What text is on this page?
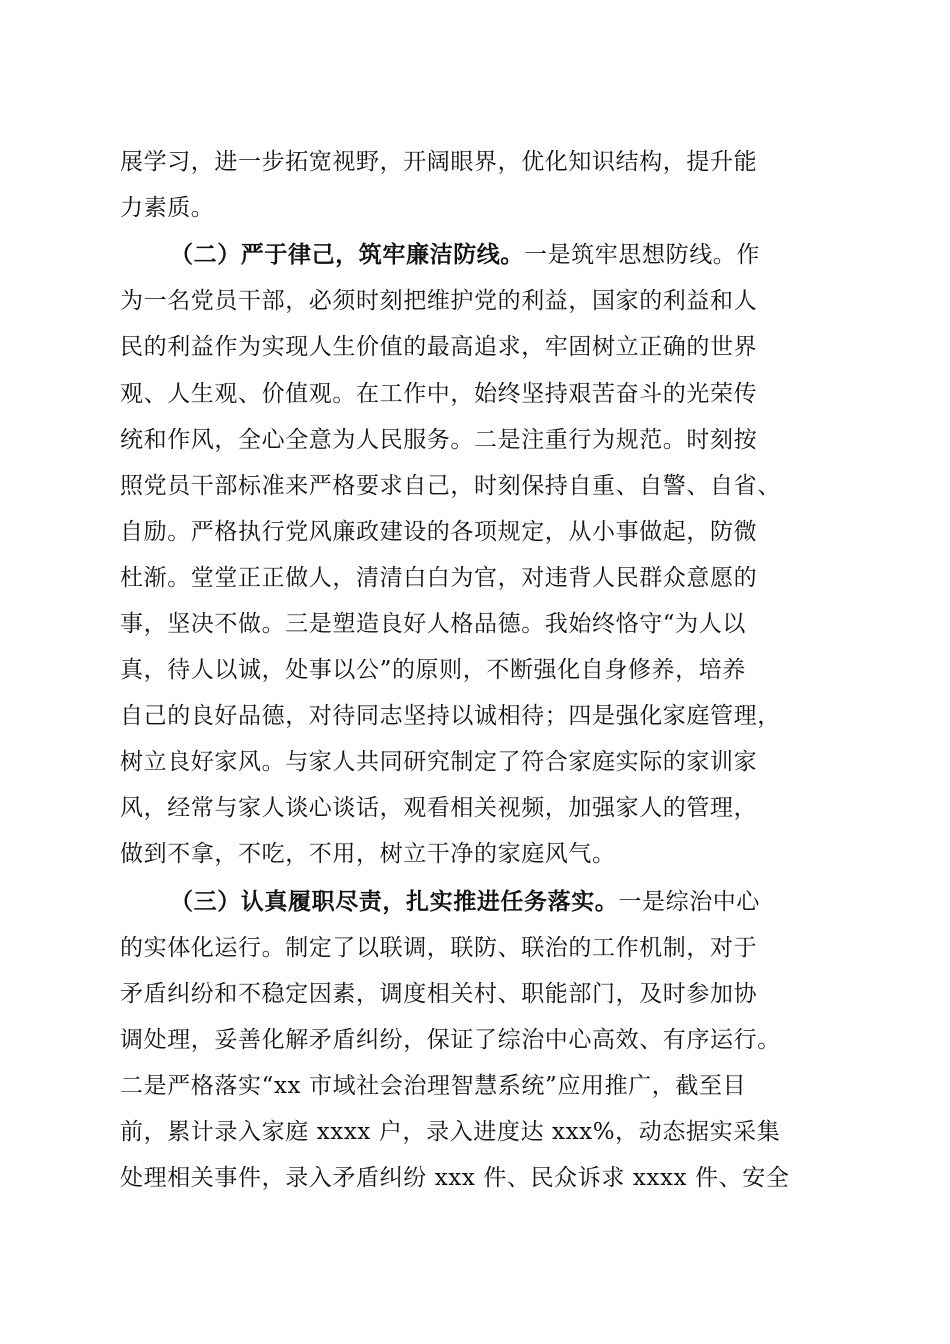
展学习，进一步拓宽视野，开阔眼界，优化知识结构，提升能
力素质。
（二）严于律己，筑牢廉洁防线。一是筑牢思想防线。作
为一名党员干部，必须时刻把维护党的利益，国家的利益和人
民的利益作为实现人生价值的最高追求，牢固树立正确的世界
观、人生观、价值观。在工作中，始终坚持艰苦奋斗的光荣传
统和作风，全心全意为人民服务。二是注重行为规范。时刻按
照党员干部标准来严格要求自己，时刻保持自重、自警、自省、
自励。严格执行党风廉政建设的各项规定，从小事做起，防微
杜渐。堂堂正正做人，清清白白为官，对违背人民群众意愿的
事，坚决不做。三是塑造良好人格品德。我始终恪守“为人以
真，待人以诚，处事以公”的原则，不断强化自身修养，培养
自己的良好品德，对待同志坚持以诚相待；四是强化家庭管理，
树立良好家风。与家人共同研究制定了符合家庭实际的家训家
风，经常与家人谈心谈话，观看相关视频，加强家人的管理，
做到不拿，不吃，不用，树立干净的家庭风气。
（三）认真履职尽责，扎实推进任务落实。一是综治中心
的实体化运行。制定了以联调，联防、联治的工作机制，对于
矛盾纠纷和不稳定因素，调度相关村、职能部门，及时参加协
调处理，妥善化解矛盾纠纷，保证了综治中心高效、有序运行。
二是严格落实“xx 市域社会治理智慧系统”应用推广，截至目
前，累计录入家庭 xxxx 户，录入进度达 xxx%，动态据实采集
处理相关事件，录入矛盾纠纷 xxx 件、民众诉求 xxxx 件、安全
